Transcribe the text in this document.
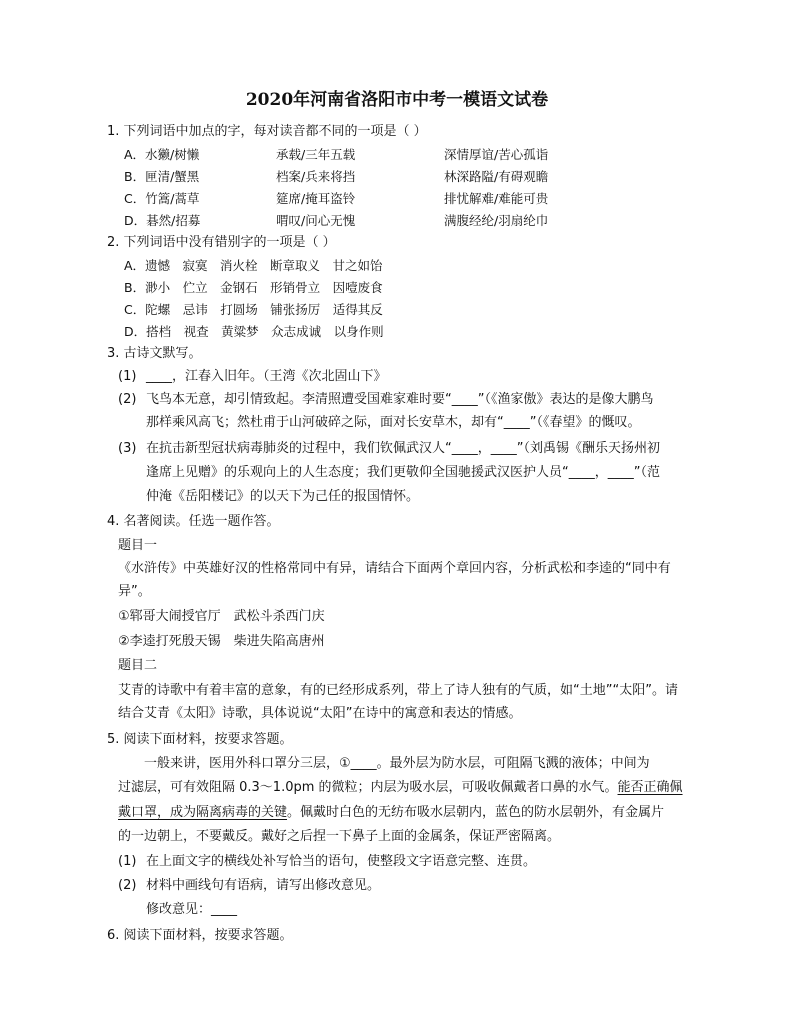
2020年河南省洛阳市中考一模语文试卷
1. 下列词语中加点的字，每对读音都不同的一项是（ ）
A．水獭/树懒	承载/三年五载	深情厚谊/苦心孤诣
B．匣清/蟹黑	档案/兵来将挡	林深路隘/有碍观瞻
C．竹篙/蒿草	筵席/掩耳盗铃	排忧解难/难能可贵
D．碁然/招募	喟叹/问心无愧	满腹经纶/羽扇纶巾
2. 下列词语中没有错别字的一项是（ ）
A．遗憾　寂寞　消火栓　断章取义　甘之如饴
B．渺小　伫立　金钢石　形销骨立　因噎废食
C．陀螺　忌讳　打圆场　铺张扬厉　适得其反
D．搭档　视查　黄粱梦　众志成诚　以身作则
3. 古诗文默写。
(1) ____，江春入旧年。（王湾《次北固山下》
(2) 飞鸟本无意，却引情致起。李清照遭受国难家难时要“____”（《渔家傲》表达的是像大鹏鸟
那样乘风高飞；然杜甫于山河破碎之际，面对长安草木，却有“____”（《春望》的慨叹。
(3) 在抗击新型冠状病毒肺炎的过程中，我们钦佩武汉人“____，____”（刘禹锡《酬乐天扬州初
逢席上见赠》的乐观向上的人生态度；我们更敬仰全国驰援武汉医护人员“____，____”（范
仲淹《岳阳楼记》的以天下为己任的报国情怀。
4. 名著阅读。任选一题作答。
题目一
《水浒传》中英雄好汉的性格常同中有异，请结合下面两个章回内容，分析武松和李逵的“同中有
异”。
①郓哥大闹授官厅　武松斗杀西门庆
②李逵打死殷天锡　柴进失陷高唐州
题目二
艾青的诗歌中有着丰富的意象，有的已经形成系列，带上了诗人独有的气质，如“土地”“太阳”。请
结合艾青《太阳》诗歌，具体说说“太阳”在诗中的寓意和表达的情感。
5. 阅读下面材料，按要求答题。
　　一般来讲，医用外科口罩分三层，①____。最外层为防水层，可阻隔飞溅的液体；中间为
过滤层，可有效阻隔 0.3～1.0pm 的微粒；内层为吸水层，可吸收佩戴者口鼻的水气。能否正确佩
戴口罩，成为隔离病毒的关键。佩戴时白色的无纺布吸水层朝内，蓝色的防水层朝外，有金属片
的一边朝上，不要戴反。戴好之后捏一下鼻子上面的金属条，保证严密隔离。
(1) 在上面文字的横线处补写恰当的语句，使整段文字语意完整、连贯。
(2) 材料中画线句有语病，请写出修改意见。
修改意见：____
6. 阅读下面材料，按要求答题。
